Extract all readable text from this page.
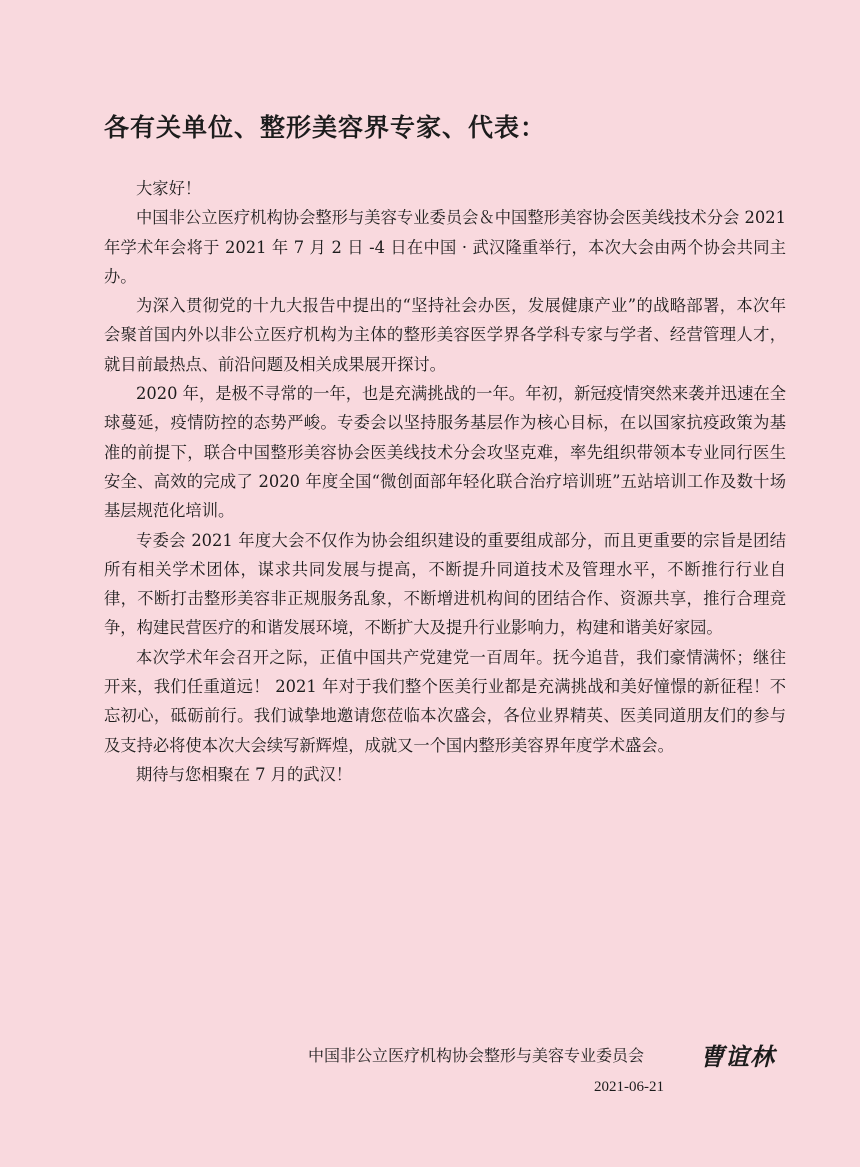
各有关单位、整形美容界专家、代表：

大家好！

中国非公立医疗机构协会整形与美容专业委员会＆中国整形美容协会医美线技术分会 2021 年学术年会将于 2021 年 7 月 2 日 -4 日在中国 · 武汉隆重举行，本次大会由两个协会共同主办。

为深入贯彻党的十九大报告中提出的“坚持社会办医，发展健康产业”的战略部署，本次年会聚首国内外以非公立医疗机构为主体的整形美容医学界各学科专家与学者、经营管理人才，就目前最热点、前沿问题及相关成果展开探讨。

2020 年，是极不寻常的一年，也是充满挑战的一年。年初，新冠疫情突然来袭并迅速在全球蔓延，疫情防控的态势严峻。专委会以坚持服务基层作为核心目标，在以国家抗疫政策为基准的前提下，联合中国整形美容协会医美线技术分会攻坚克难，率先组织带领本专业同行医生安全、高效的完成了 2020 年度全国“微创面部年轻化联合治疗培训班”五站培训工作及数十场基层规范化培训。

专委会 2021 年度大会不仅作为协会组织建设的重要组成部分，而且更重要的宗旨是团结所有相关学术团体，谋求共同发展与提高，不断提升同道技术及管理水平，不断推行行业自律，不断打击整形美容非正规服务乱象，不断增进机构间的团结合作、资源共享，推行合理竞争，构建民营医疗的和谐发展环境，不断扩大及提升行业影响力，构建和谐美好家园。

本次学术年会召开之际，正值中国共产党建党一百周年。抚今追昔，我们豪情满怀；继往开来，我们任重道远！ 2021 年对于我们整个医美行业都是充满挑战和美好憧憬的新征程！不忘初心，砥砺前行。我们诚挚地邀请您莅临本次盛会，各位业界精英、医美同道朋友们的参与及支持必将使本次大会续写新辉煌，成就又一个国内整形美容界年度学术盛会。

期待与您相聚在 7 月的武汉！

中国非公立医疗机构协会整形与美容专业委员会	曹谊林
2021-06-21
